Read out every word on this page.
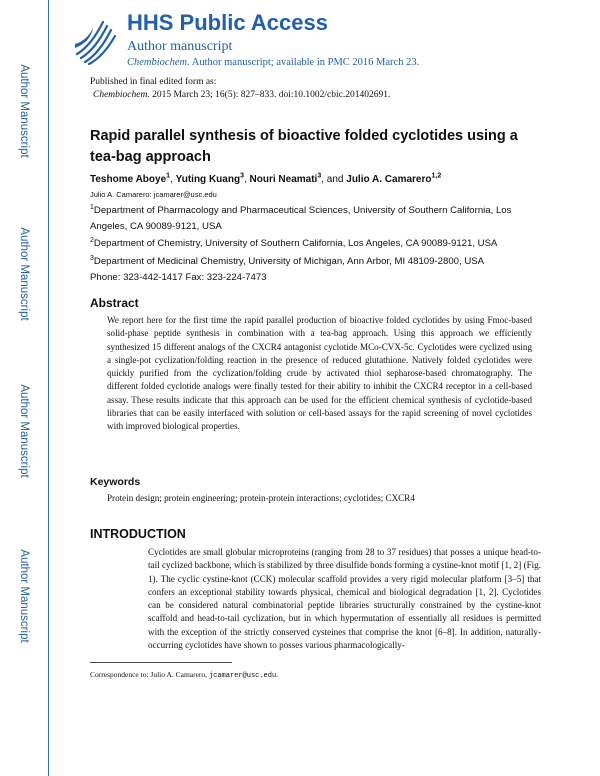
Author Manuscript
Author Manuscript
Author Manuscript
Author Manuscript
HHS Public Access
Author manuscript
Chembiochem. Author manuscript; available in PMC 2016 March 23.
Published in final edited form as:
Chembiochem. 2015 March 23; 16(5): 827–833. doi:10.1002/cbic.201402691.
Rapid parallel synthesis of bioactive folded cyclotides using a tea-bag approach
Teshome Aboye$^1$, Yuting Kuang$^3$, Nouri Neamati$^3$, and Julio A. Camarero$^{1,2}$
Julio A. Camarero: jcamarer@usc.edu
$^1$Department of Pharmacology and Pharmaceutical Sciences, University of Southern California, Los Angeles, CA 90089-9121, USA
$^2$Department of Chemistry, University of Southern California, Los Angeles, CA 90089-9121, USA
$^3$Department of Medicinal Chemistry, University of Michigan, Ann Arbor, MI 48109-2800, USA Phone: 323-442-1417 Fax: 323-224-7473
Abstract
We report here for the first time the rapid parallel production of bioactive folded cyclotides by using Fmoc-based solid-phase peptide synthesis in combination with a tea-bag approach. Using this approach we efficiently synthesized 15 different analogs of the CXCR4 antagonist cyclotide MCo-CVX-5c. Cyclotides were cyclized using a single-pot cyclization/folding reaction in the presence of reduced glutathione. Natively folded cyclotides were quickly purified from the cyclization/folding crude by activated thiol sepharose-based chromatography. The different folded cyclotide analogs were finally tested for their ability to inhibit the CXCR4 receptor in a cell-based assay. These results indicate that this approach can be used for the efficient chemical synthesis of cyclotide-based libraries that can be easily interfaced with solution or cell-based assays for the rapid screening of novel cyclotides with improved biological properties.
Keywords
Protein design; protein engineering; protein-protein interactions; cyclotides; CXCR4
INTRODUCTION
Cyclotides are small globular microproteins (ranging from 28 to 37 residues) that posses a unique head-to-tail cyclized backbone, which is stabilized by three disulfide bonds forming a cystine-knot motif [1, 2] (Fig. 1). The cyclic cystine-knot (CCK) molecular scaffold provides a very rigid molecular platform [3–5] that confers an exceptional stability towards physical, chemical and biological degradation [1, 2]. Cyclotides can be considered natural combinatorial peptide libraries structurally constrained by the cystine-knot scaffold and head-to-tail cyclization, but in which hypermutation of essentially all residues is permitted with the exception of the strictly conserved cysteines that comprise the knot [6–8]. In addition, naturally-occurring cyclotides have shown to posses various pharmacologically-
Correspondence to: Julio A. Camarero, jcamarer@usc.edu.
